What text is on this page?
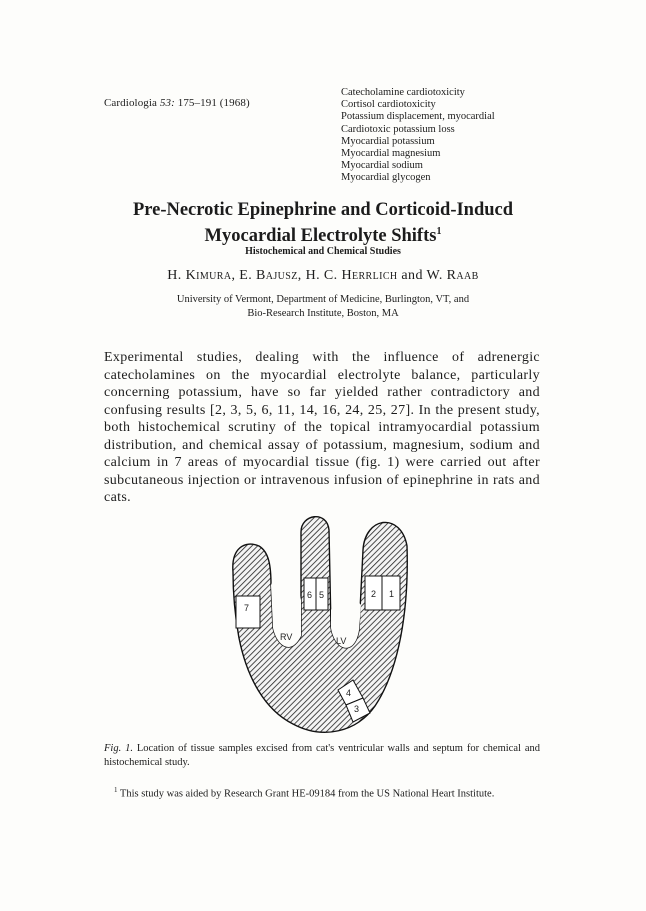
Cardiologia 53: 175–191 (1968)
Catecholamine cardiotoxicity
Cortisol cardiotoxicity
Potassium displacement, myocardial
Cardiotoxic potassium loss
Myocardial potassium
Myocardial magnesium
Myocardial sodium
Myocardial glycogen
Pre-Necrotic Epinephrine and Corticoid-Inducd
Myocardial Electrolyte Shifts$^1$
Histochemical and Chemical Studies
H. Kimura, E. Bajusz, H. C. Herrlich and W. Raab
University of Vermont, Department of Medicine, Burlington, VT, and
Bio-Research Institute, Boston, MA
Experimental studies, dealing with the influence of adrenergic catecholamines on the myocardial electrolyte balance, particularly concerning potassium, have so far yielded rather contradictory and confusing results [2, 3, 5, 6, 11, 14, 16, 24, 25, 27]. In the present study, both histochemical scrutiny of the topical intramyocardial potassium distribution, and chemical assay of potassium, magnesium, sodium and calcium in 7 areas of myocardial tissue (fig. 1) were carried out after subcutaneous injection or intravenous infusion of epinephrine in rats and cats.
RV	LV
7
6 5	2 1
4
3
Fig. 1. Location of tissue samples excised from cat's ventricular walls and septum for chemical and histochemical study.
$^1$ This study was aided by Research Grant HE-09184 from the US National Heart Institute.
